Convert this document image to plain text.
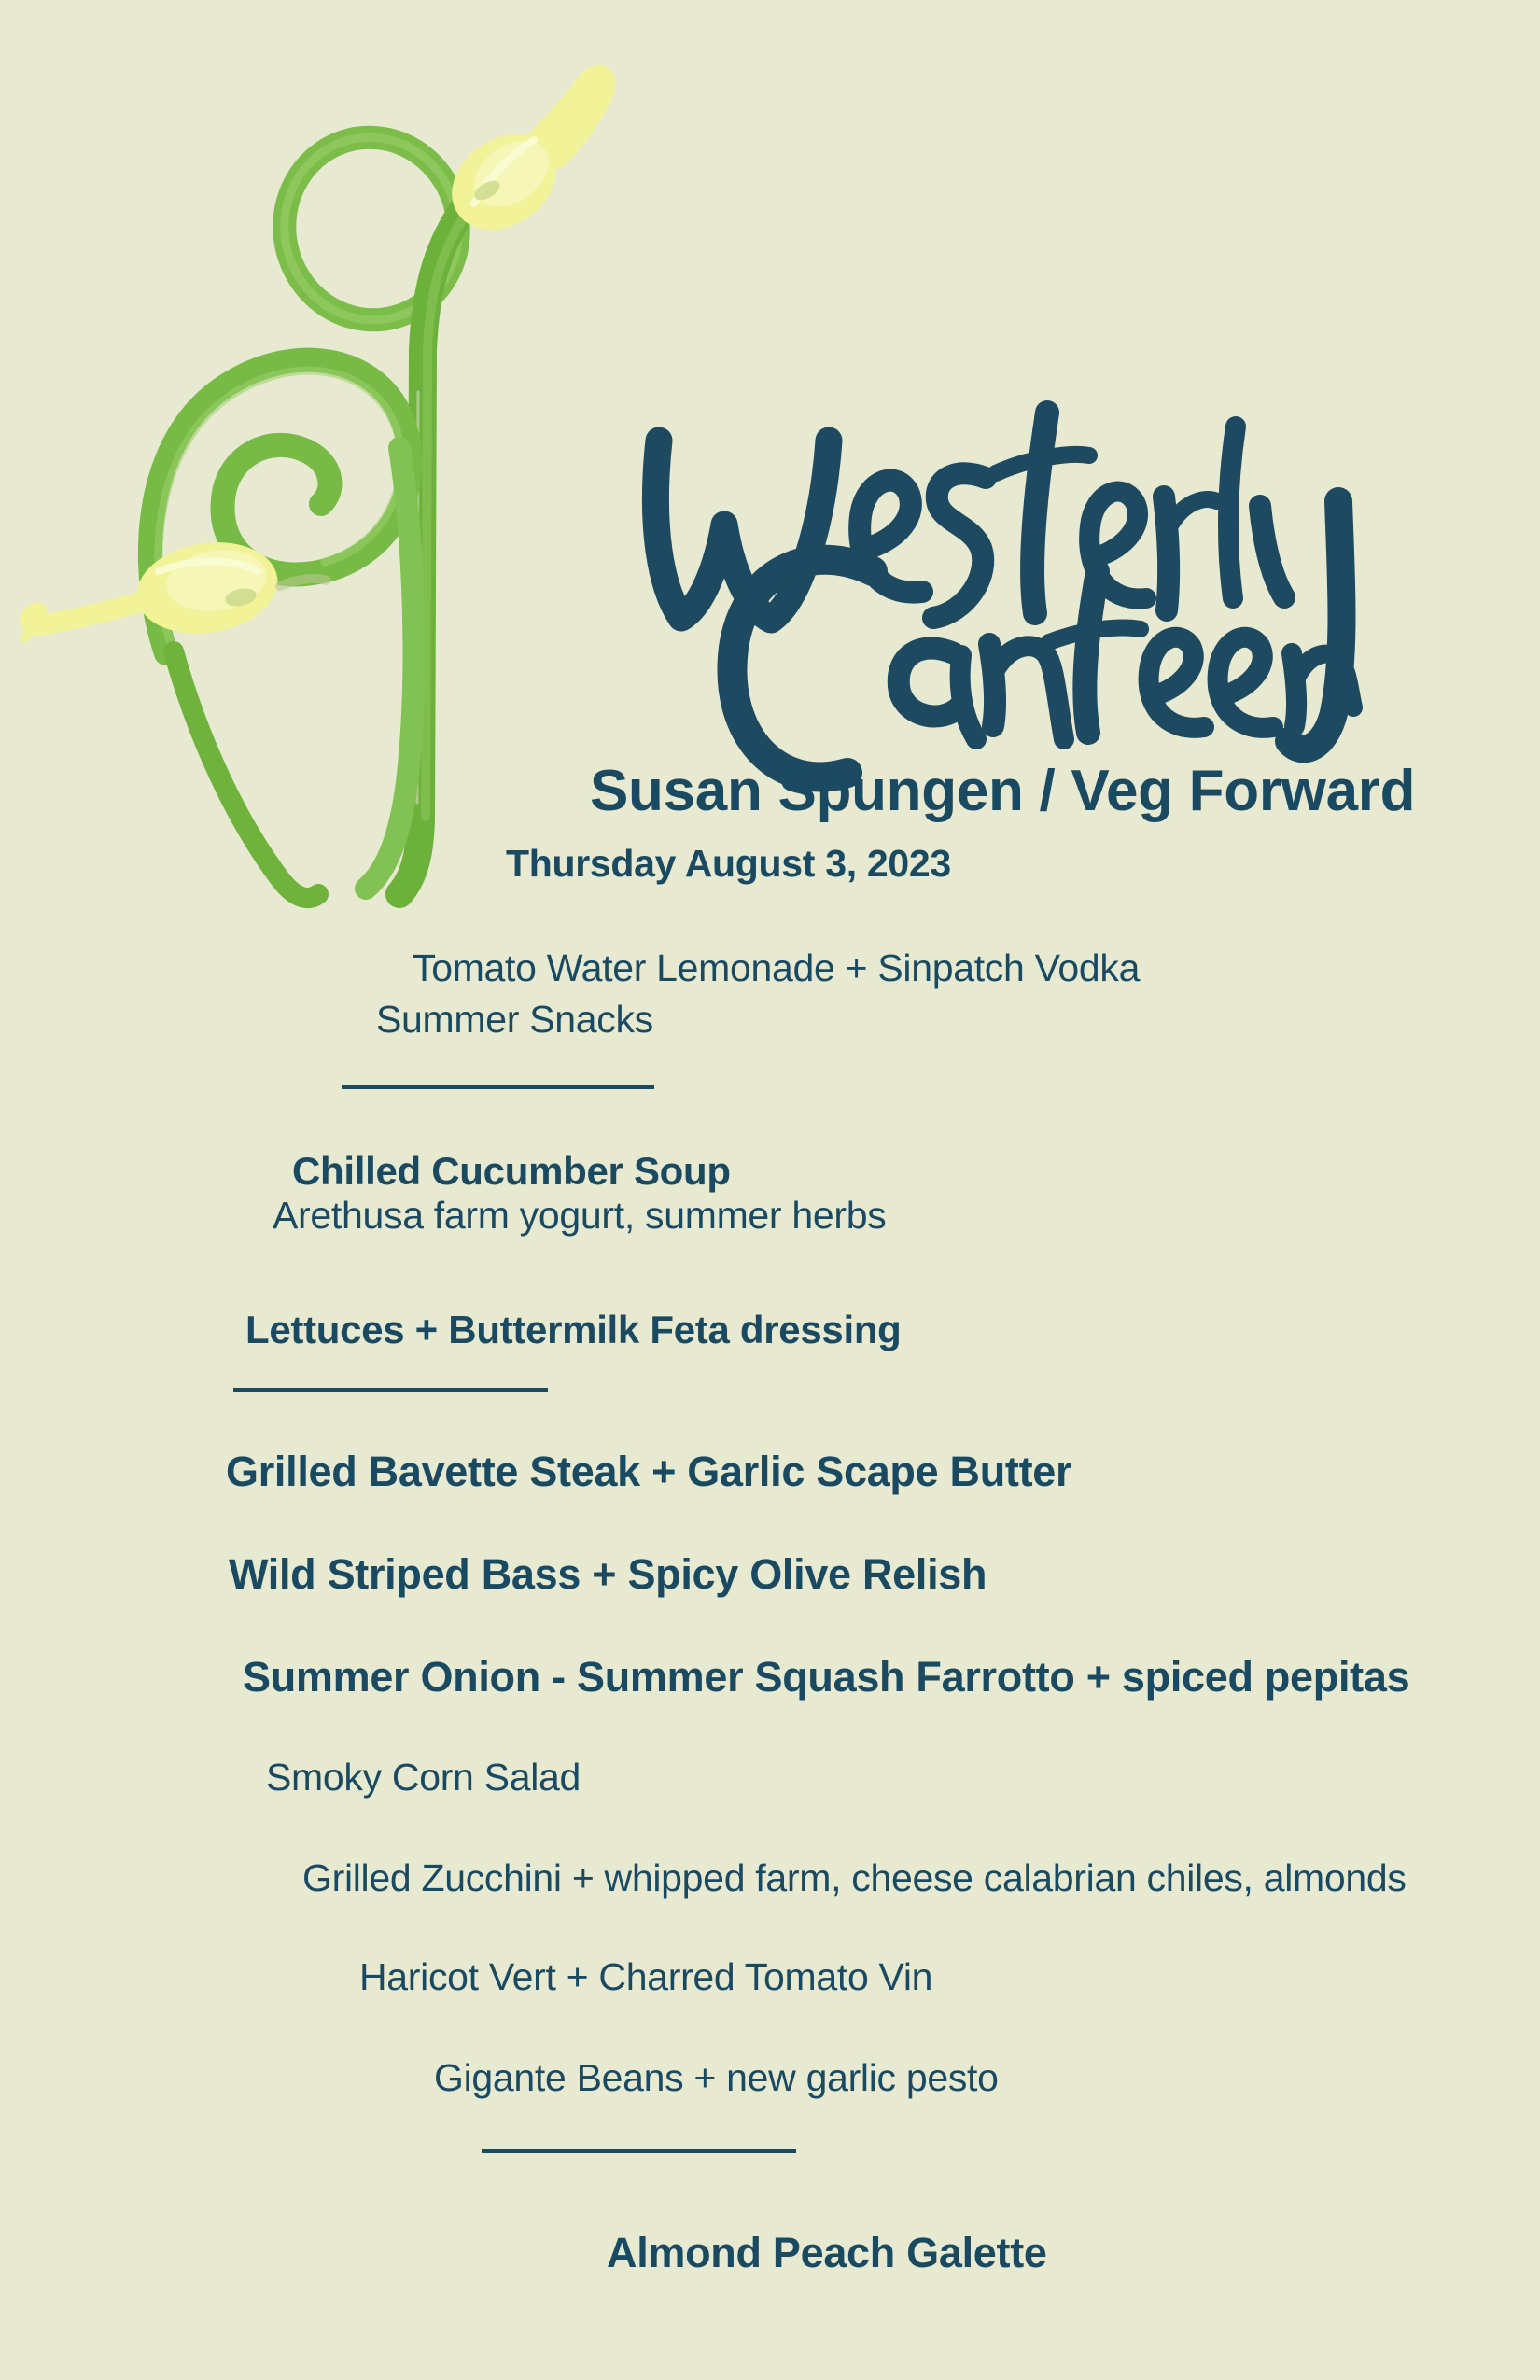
Susan Spungen / Veg Forward
Thursday August 3, 2023
Tomato Water Lemonade + Sinpatch Vodka
Summer Snacks
Chilled Cucumber Soup
Arethusa farm yogurt, summer herbs
Lettuces + Buttermilk Feta dressing
Grilled Bavette Steak + Garlic Scape Butter
Wild Striped Bass + Spicy Olive Relish
Summer Onion - Summer Squash Farrotto + spiced pepitas
Smoky Corn Salad
Grilled Zucchini + whipped farm, cheese calabrian chiles, almonds
Haricot Vert + Charred Tomato Vin
Gigante Beans + new garlic pesto
Almond Peach Galette
